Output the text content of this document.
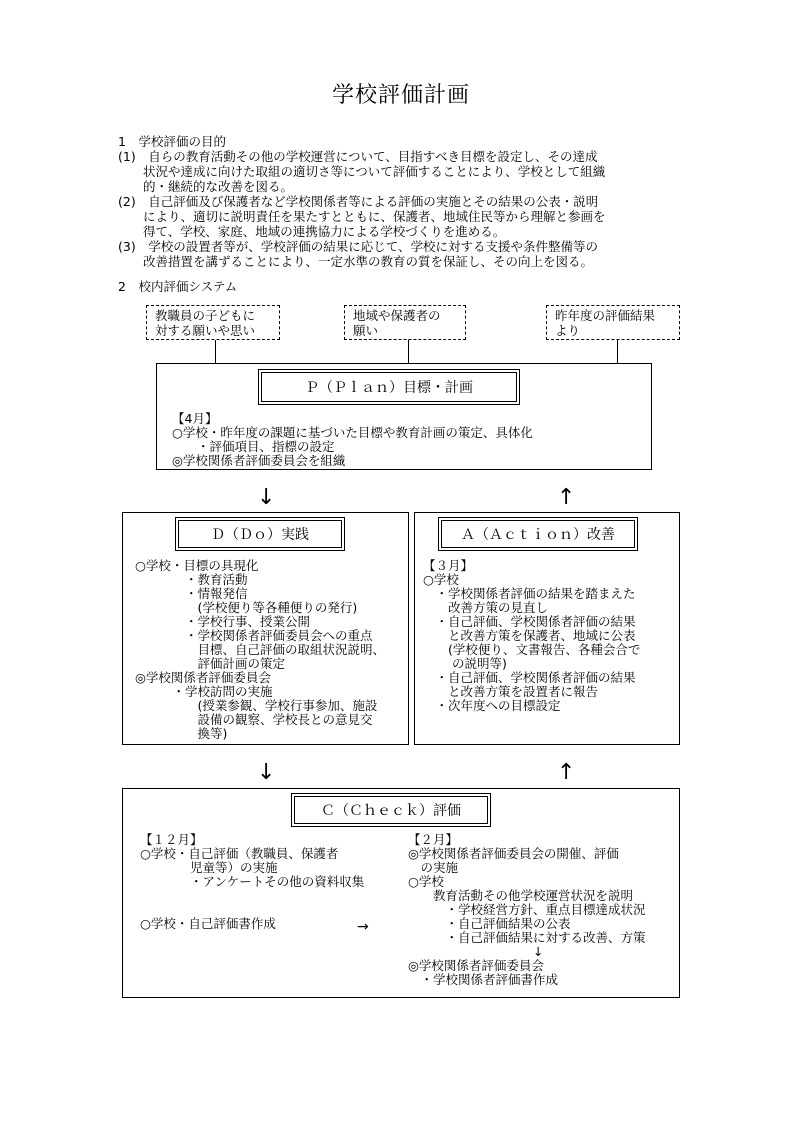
学校評価計画
1　学校評価の目的
(1)　自らの教育活動その他の学校運営について、目指すべき目標を設定し、その達成
　　状況や達成に向けた取組の適切さ等について評価することにより、学校として組織
　　的・継続的な改善を図る。
(2)　自己評価及び保護者など学校関係者等による評価の実施とその結果の公表・説明
　　により、適切に説明責任を果たすとともに、保護者、地域住民等から理解と参画を
　　得て、学校、家庭、地域の連携協力による学校づくりを進める。
(3)　学校の設置者等が、学校評価の結果に応じて、学校に対する支援や条件整備等の
　　改善措置を講ずることにより、一定水準の教育の質を保証し、その向上を図る。
2　校内評価システム
教職員の子どもに
対する願いや思い
地域や保護者の
願い
昨年度の評価結果
より
Ｐ（Ｐｌａｎ）目標・計画
【4月】
○学校・昨年度の課題に基づいた目標や教育計画の策定、具体化
　　・評価項目、指標の設定
◎学校関係者評価委員会を組織
↓	↑
Ｄ（Ｄｏ）実践
○学校・目標の具現化
　　　　・教育活動
　　　　・情報発信
　　　　　(学校便り等各種便りの発行)
　　　　・学校行事、授業公開
　　　　・学校関係者評価委員会への重点
　　　　　目標、自己評価の取組状況説明、
　　　　　評価計画の策定
◎学校関係者評価委員会
　　　・学校訪問の実施
　　　　　(授業参観、学校行事参加、施設
　　　　　設備の観察、学校長との意見交
　　　　　換等)
Ａ（Ａｃｔｉｏｎ）改善
【３月】
○学校
　・学校関係者評価の結果を踏まえた
　　改善方策の見直し
　・自己評価、学校関係者評価の結果
　　と改善方策を保護者、地域に公表
　　(学校便り、文書報告、各種会合で
　　 の説明等)
　・自己評価、学校関係者評価の結果
　　と改善方策を設置者に報告
　・次年度への目標設定
↓	↑
Ｃ（Ｃｈｅｃｋ）評価
【１２月】
○学校・自己評価（教職員、保護者
　　　　児童等）の実施
　　　　・アンケートその他の資料収集

○学校・自己評価書作成	→
【２月】
◎学校関係者評価委員会の開催、評価
　の実施
○学校
　　教育活動その他学校運営状況を説明
　　　・学校経営方針、重点目標達成状況
　　　・自己評価結果の公表
　　　・自己評価結果に対する改善、方策
　　　　　　　　　　↓
◎学校関係者評価委員会
　・学校関係者評価書作成
